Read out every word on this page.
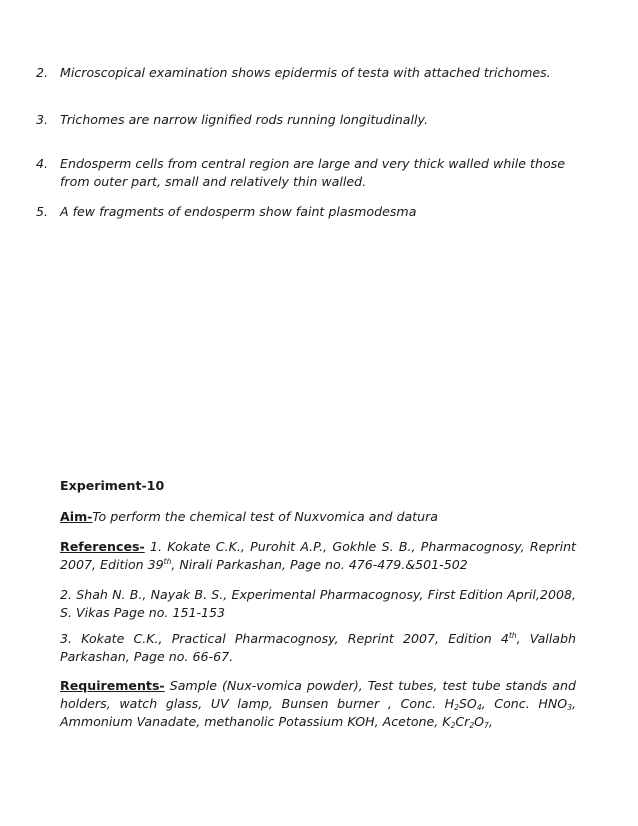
2. Microscopical examination shows epidermis of testa with attached trichomes.
3. Trichomes are narrow lignified rods running longitudinally.
4. Endosperm cells from central region are large and very thick walled while those from outer part, small and relatively thin walled.
5. A few fragments of endosperm show faint plasmodesma
Experiment-10
Aim-To perform the chemical test of Nuxvomica and datura
References- 1. Kokate C.K., Purohit A.P., Gokhle S. B., Pharmacognosy, Reprint 2007, Edition 39th, Nirali Parkashan, Page no. 476-479.&501-502
2. Shah N. B., Nayak B. S., Experimental Pharmacognosy, First Edition April,2008, S. Vikas Page no. 151-153
3. Kokate C.K., Practical Pharmacognosy, Reprint 2007, Edition 4th, Vallabh Parkashan, Page no. 66-67.
Requirements- Sample (Nux-vomica powder), Test tubes, test tube stands and holders, watch glass, UV lamp, Bunsen burner , Conc. $H_2SO_4$, Conc. $HNO_3$, Ammonium Vanadate, methanolic Potassium KOH, Acetone, $K_2Cr_2O_7$,
